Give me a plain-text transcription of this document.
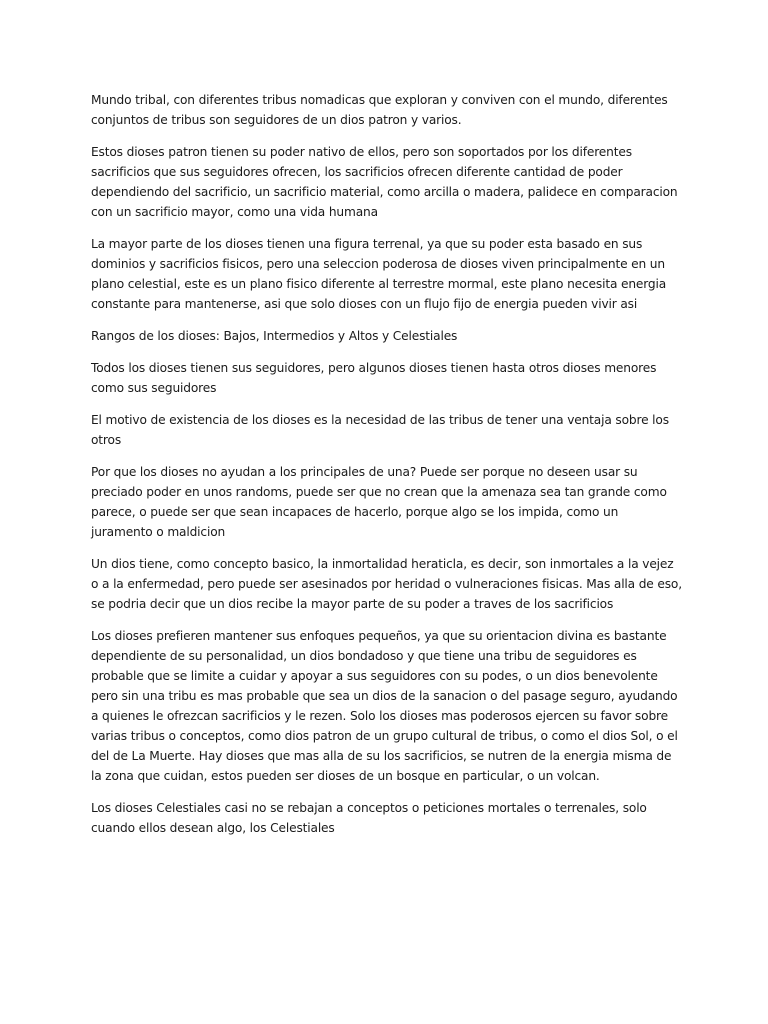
Mundo tribal, con diferentes tribus nomadicas que exploran y conviven con el mundo, diferentes conjuntos de tribus son seguidores de un dios patron y varios.

Estos dioses patron tienen su poder nativo de ellos, pero son soportados por los diferentes sacrificios que sus seguidores ofrecen, los sacrificios ofrecen diferente cantidad de poder dependiendo del sacrificio, un sacrificio material, como arcilla o madera, palidece en comparacion con un sacrificio mayor, como una vida humana

La mayor parte de los dioses tienen una figura terrenal, ya que su poder esta basado en sus dominios y sacrificios fisicos, pero una seleccion poderosa de dioses viven principalmente en un plano celestial, este es un plano fisico diferente al terrestre mormal, este plano necesita energia constante para mantenerse, asi que solo dioses con un flujo fijo de energia pueden vivir asi

Rangos de los dioses: Bajos, Intermedios y Altos y Celestiales

Todos los dioses tienen sus seguidores, pero algunos dioses tienen hasta otros dioses menores como sus seguidores

El motivo de existencia de los dioses es la necesidad de las tribus de tener una ventaja sobre los otros

Por que los dioses no ayudan a los principales de una? Puede ser porque no deseen usar su preciado poder en unos randoms, puede ser que no crean que la amenaza sea tan grande como parece, o puede ser que sean incapaces de hacerlo, porque algo se los impida, como un juramento o maldicion

Un dios tiene, como concepto basico, la inmortalidad heraticla, es decir, son inmortales a la vejez o a la enfermedad, pero puede ser asesinados por heridad o vulneraciones fisicas. Mas alla de eso, se podria decir que un dios recibe la mayor parte de su poder a traves de los sacrificios

Los dioses prefieren mantener sus enfoques pequeños, ya que su orientacion divina es bastante dependiente de su personalidad, un dios bondadoso y que tiene una tribu de seguidores es probable que se limite a cuidar y apoyar a sus seguidores con su podes, o un dios benevolente pero sin una tribu es mas probable que sea un dios de la sanacion o del pasage seguro, ayudando a quienes le ofrezcan sacrificios y le rezen. Solo los dioses mas poderosos ejercen su favor sobre varias tribus o conceptos, como dios patron de un grupo cultural de tribus, o como el dios Sol, o el del de La Muerte. Hay dioses que mas alla de su los sacrificios, se nutren de la energia misma de la zona que cuidan, estos pueden ser dioses de un bosque en particular, o un volcan.

Los dioses Celestiales casi no se rebajan a conceptos o peticiones mortales o terrenales, solo cuando ellos desean algo, los Celestiales
